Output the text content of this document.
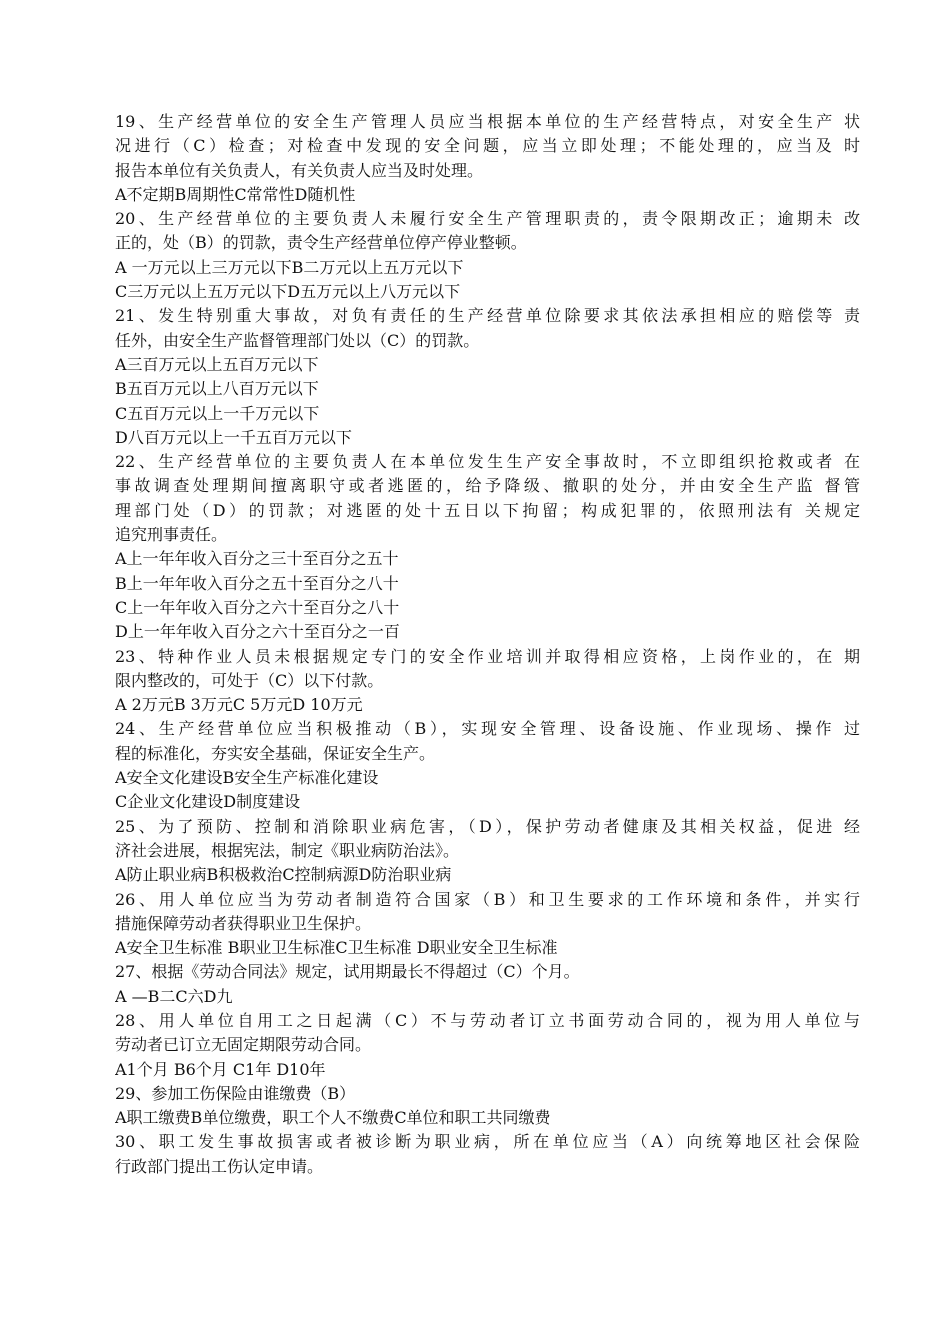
19、生产经营单位的安全生产管理人员应当根据本单位的生产经营特点，对安全生产 状
况进行（C）检查；对检查中发现的安全问题，应当立即处理；不能处理的，应当及 时
报告本单位有关负责人，有关负责人应当及时处理。
A不定期B周期性C常常性D随机性
20、生产经营单位的主要负责人未履行安全生产管理职责的，责令限期改正；逾期未 改
正的，处（B）的罚款，责令生产经营单位停产停业整顿。
A 一万元以上三万元以下B二万元以上五万元以下
C三万元以上五万元以下D五万元以上八万元以下
21、发生特别重大事故，对负有责任的生产经营单位除要求其依法承担相应的赔偿等 责
任外，由安全生产监督管理部门处以（C）的罚款。
A三百万元以上五百万元以下
B五百万元以上八百万元以下
C五百万元以上一千万元以下
D八百万元以上一千五百万元以下
22、生产经营单位的主要负责人在本单位发生生产安全事故时，不立即组织抢救或者 在
事故调查处理期间擅离职守或者逃匿的，给予降级、撤职的处分，并由安全生产监 督管
理部门处（D）的罚款；对逃匿的处十五日以下拘留；构成犯罪的，依照刑法有 关规定
追究刑事责任。
A上一年年收入百分之三十至百分之五十
B上一年年收入百分之五十至百分之八十
C上一年年收入百分之六十至百分之八十
D上一年年收入百分之六十至百分之一百
23、特种作业人员未根据规定专门的安全作业培训并取得相应资格，上岗作业的，在 期
限内整改的，可处于（C）以下付款。
A 2万元B 3万元C 5万元D 10万元
24、生产经营单位应当积极推动（B），实现安全管理、设备设施、作业现场、操作 过
程的标准化，夯实安全基础，保证安全生产。
A安全文化建设B安全生产标准化建设
C企业文化建设D制度建设
25、为了预防、控制和消除职业病危害，（D），保护劳动者健康及其相关权益，促进 经
济社会进展，根据宪法，制定《职业病防治法》。
A防止职业病B积极救治C控制病源D防治职业病
26、用人单位应当为劳动者制造符合国家（B）和卫生要求的工作环境和条件，并实行
措施保障劳动者获得职业卫生保护。
A安全卫生标准 B职业卫生标准C卫生标准 D职业安全卫生标准
27、根据《劳动合同法》规定，试用期最长不得超过（C）个月。
A —B二C六D九
28、用人单位自用工之日起满（C）不与劳动者订立书面劳动合同的，视为用人单位与
劳动者已订立无固定期限劳动合同。
A1个月 B6个月 C1年 D10年
29、参加工伤保险由谁缴费（B）
A职工缴费B单位缴费，职工个人不缴费C单位和职工共同缴费
30、职工发生事故损害或者被诊断为职业病，所在单位应当（A）向统筹地区社会保险
行政部门提出工伤认定申请。
